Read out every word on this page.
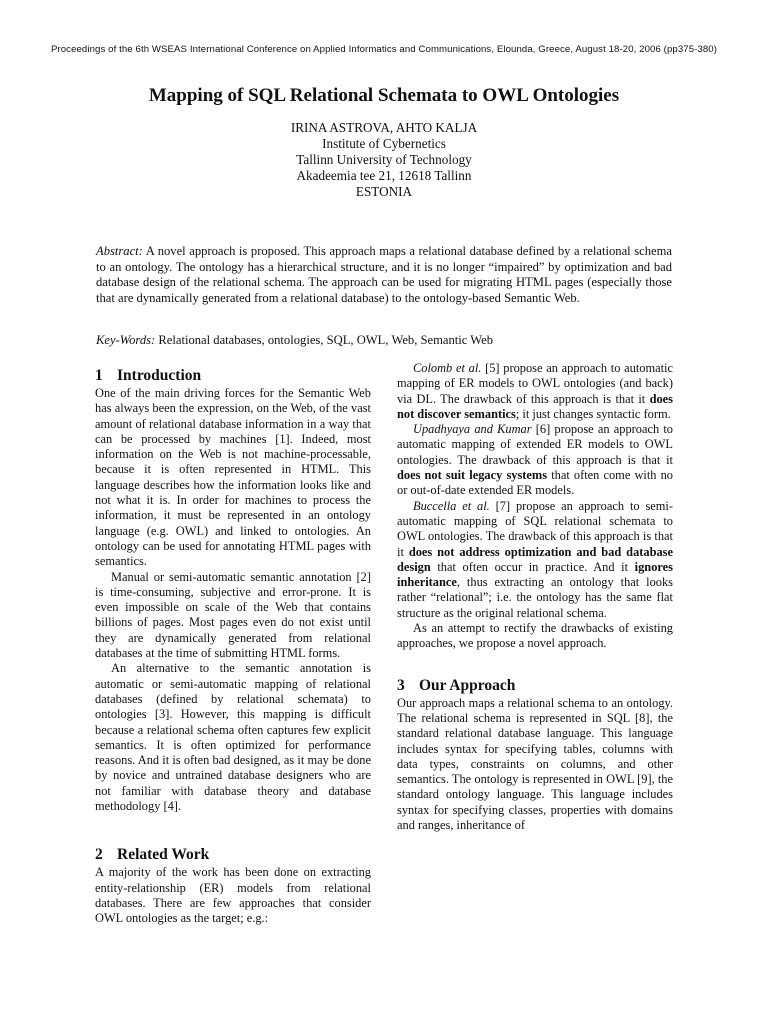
Proceedings of the 6th WSEAS International Conference on Applied Informatics and Communications, Elounda, Greece, August 18-20, 2006 (pp375-380)
Mapping of SQL Relational Schemata to OWL Ontologies
IRINA ASTROVA, AHTO KALJA
Institute of Cybernetics
Tallinn University of Technology
Akadeemia tee 21, 12618 Tallinn
ESTONIA
Abstract: A novel approach is proposed. This approach maps a relational database defined by a relational schema to an ontology. The ontology has a hierarchical structure, and it is no longer “impaired” by optimization and bad database design of the relational schema. The approach can be used for migrating HTML pages (especially those that are dynamically generated from a relational database) to the ontology-based Semantic Web.
Key-Words: Relational databases, ontologies, SQL, OWL, Web, Semantic Web
1 Introduction

One of the main driving forces for the Semantic Web has always been the expression, on the Web, of the vast amount of relational database information in a way that can be processed by machines [1]. Indeed, most information on the Web is not machine-processable, because it is often represented in HTML. This language describes how the information looks like and not what it is. In order for machines to process the information, it must be represented in an ontology language (e.g. OWL) and linked to ontologies. An ontology can be used for annotating HTML pages with semantics.

Manual or semi-automatic semantic annotation [2] is time-consuming, subjective and error-prone. It is even impossible on scale of the Web that contains billions of pages. Most pages even do not exist until they are dynamically generated from relational databases at the time of submitting HTML forms.

An alternative to the semantic annotation is automatic or semi-automatic mapping of relational databases (defined by relational schemata) to ontologies [3]. However, this mapping is difficult because a relational schema often captures few explicit semantics. It is often optimized for performance reasons. And it is often bad designed, as it may be done by novice and untrained database designers who are not familiar with database theory and database methodology [4].

2 Related Work

A majority of the work has been done on extracting entity-relationship (ER) models from relational databases. There are few approaches that consider OWL ontologies as the target; e.g.:

Colomb et al. [5] propose an approach to automatic mapping of ER models to OWL ontologies (and back) via DL. The drawback of this approach is that it does not discover semantics; it just changes syntactic form.

Upadhyaya and Kumar [6] propose an approach to automatic mapping of extended ER models to OWL ontologies. The drawback of this approach is that it does not suit legacy systems that often come with no or out-of-date extended ER models.

Buccella et al. [7] propose an approach to semi-automatic mapping of SQL relational schemata to OWL ontologies. The drawback of this approach is that it does not address optimization and bad database design that often occur in practice. And it ignores inheritance, thus extracting an ontology that looks rather “relational”; i.e. the ontology has the same flat structure as the original relational schema.

As an attempt to rectify the drawbacks of existing approaches, we propose a novel approach.

3 Our Approach

Our approach maps a relational schema to an ontology. The relational schema is represented in SQL [8], the standard relational database language. This language includes syntax for specifying tables, columns with data types, constraints on columns, and other semantics. The ontology is represented in OWL [9], the standard ontology language. This language includes syntax for specifying classes, properties with domains and ranges, inheritance of
